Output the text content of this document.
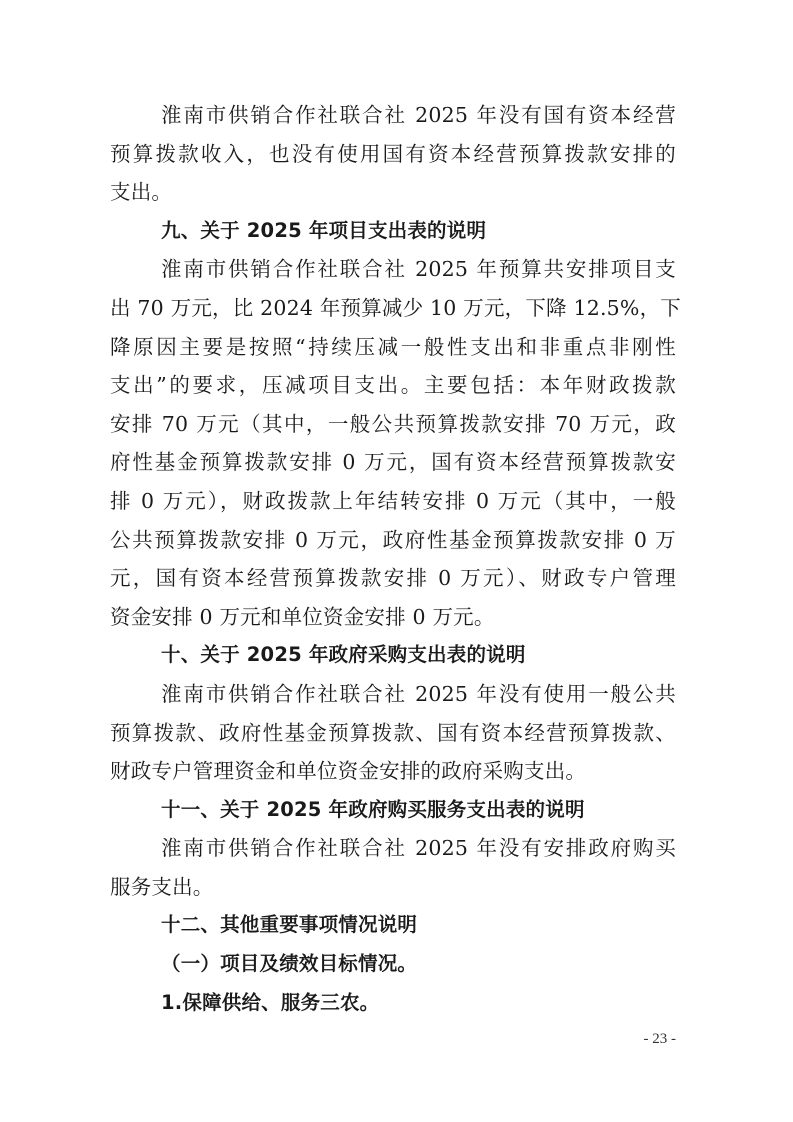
淮南市供销合作社联合社 2025 年没有国有资本经营
预算拨款收入，也没有使用国有资本经营预算拨款安排的
支出。
九、关于 2025 年项目支出表的说明
淮南市供销合作社联合社 2025 年预算共安排项目支
出 70 万元，比 2024 年预算减少 10 万元，下降 12.5%，下
降原因主要是按照“持续压减一般性支出和非重点非刚性
支出”的要求，压减项目支出。主要包括：本年财政拨款
安排 70 万元（其中，一般公共预算拨款安排 70 万元，政
府性基金预算拨款安排 0 万元，国有资本经营预算拨款安
排 0 万元），财政拨款上年结转安排 0 万元（其中，一般
公共预算拨款安排 0 万元，政府性基金预算拨款安排 0 万
元，国有资本经营预算拨款安排 0 万元）、财政专户管理
资金安排 0 万元和单位资金安排 0 万元。
十、关于 2025 年政府采购支出表的说明
淮南市供销合作社联合社 2025 年没有使用一般公共
预算拨款、政府性基金预算拨款、国有资本经营预算拨款、
财政专户管理资金和单位资金安排的政府采购支出。
十一、关于 2025 年政府购买服务支出表的说明
淮南市供销合作社联合社 2025 年没有安排政府购买
服务支出。
十二、其他重要事项情况说明
（一）项目及绩效目标情况。
1.保障供给、服务三农。
- 23 -
